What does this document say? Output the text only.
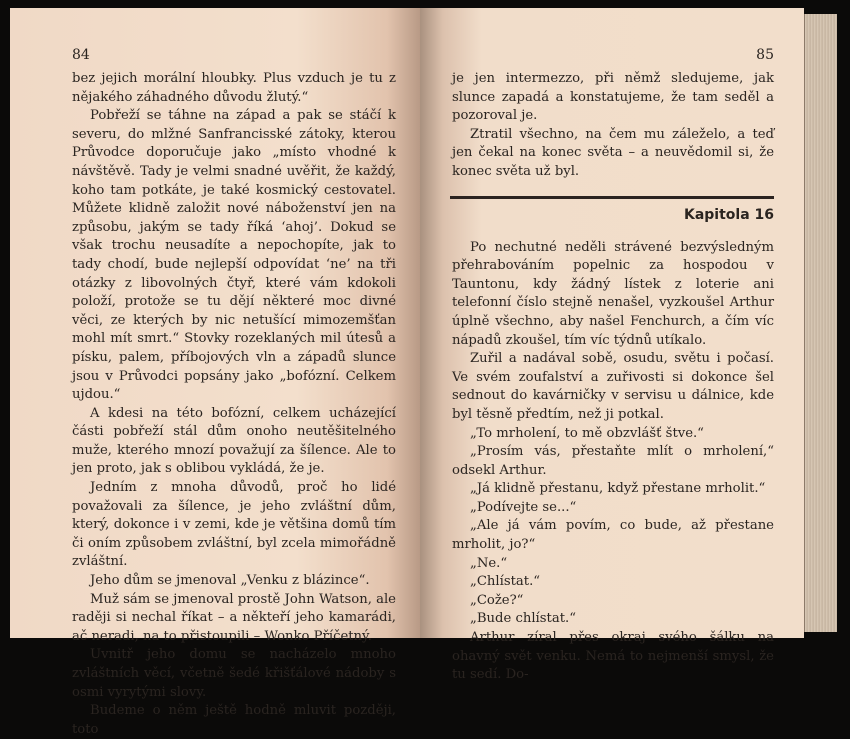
84

bez jejich morální hloubky. Plus vzduch je tu z nějakého záhadného důvodu žlutý.“

Pobřeží se táhne na západ a pak se stáčí k severu, do mlžné Sanfrancisské zátoky, kterou Průvodce doporučuje jako „místo vhodné k návštěvě. Tady je velmi snadné uvěřit, že každý, koho tam potkáte, je také kosmický cestovatel. Můžete klidně založit nové náboženství jen na způsobu, jakým se tady říká ‘ahoj’. Dokud se však trochu neusadíte a nepochopíte, jak to tady chodí, bude nejlepší odpovídat ‘ne’ na tři otázky z libovolných čtyř, které vám kdokoli položí, protože se tu dějí některé moc divné věci, ze kterých by nic netušící mimozemšťan mohl mít smrt.“ Stovky rozeklaných mil útesů a písku, palem, příbojových vln a západů slunce jsou v Průvodci popsány jako „bofózní. Celkem ujdou.“

A kdesi na této bofózní, celkem ucházející části pobřeží stál dům onoho neutěšitelného muže, kterého mnozí považují za šílence. Ale to jen proto, jak s oblibou vykládá, že je.

Jedním z mnoha důvodů, proč ho lidé považovali za šílence, je jeho zvláštní dům, který, dokonce i v zemi, kde je většina domů tím či oním způsobem zvláštní, byl zcela mimořádně zvláštní.

Jeho dům se jmenoval „Venku z blázince“.

Muž sám se jmenoval prostě John Watson, ale raději si nechal říkat – a někteří jeho kamarádi, ač neradi, na to přistoupili – Wonko Příčetný.

Uvnitř jeho domu se nacházelo mnoho zvláštních věcí, včetně šedé křišťálové nádoby s osmi vyrytými slovy.

Budeme o něm ještě hodně mluvit později, toto

85

je jen intermezzo, při němž sledujeme, jak slunce zapadá a konstatujeme, že tam seděl a pozoroval je.

Ztratil všechno, na čem mu záleželo, a teď jen čekal na konec světa – a neuvědomil si, že konec světa už byl.

Kapitola 16

Po nechutné neděli strávené bezvýsledným přehrabováním popelnic za hospodou v Tauntonu, kdy žádný lístek z loterie ani telefonní číslo stejně nenašel, vyzkoušel Arthur úplně všechno, aby našel Fenchurch, a čím víc nápadů zkoušel, tím víc týdnů utíkalo.

Zuřil a nadával sobě, osudu, světu i počasí. Ve svém zoufalství a zuřivosti si dokonce šel sednout do kavárničky v servisu u dálnice, kde byl těsně předtím, než ji potkal.

„To mrholení, to mě obzvlášť štve.“

„Prosím vás, přestaňte mlít o mrholení,“ odsekl Arthur.

„Já klidně přestanu, když přestane mrholit.“

„Podívejte se...“

„Ale já vám povím, co bude, až přestane mrholit, jo?“

„Ne.“

„Chlístat.“

„Cože?“

„Bude chlístat.“

Arthur zíral přes okraj svého šálku na ohavný svět venku. Nemá to nejmenší smysl, že tu sedí. Do-
